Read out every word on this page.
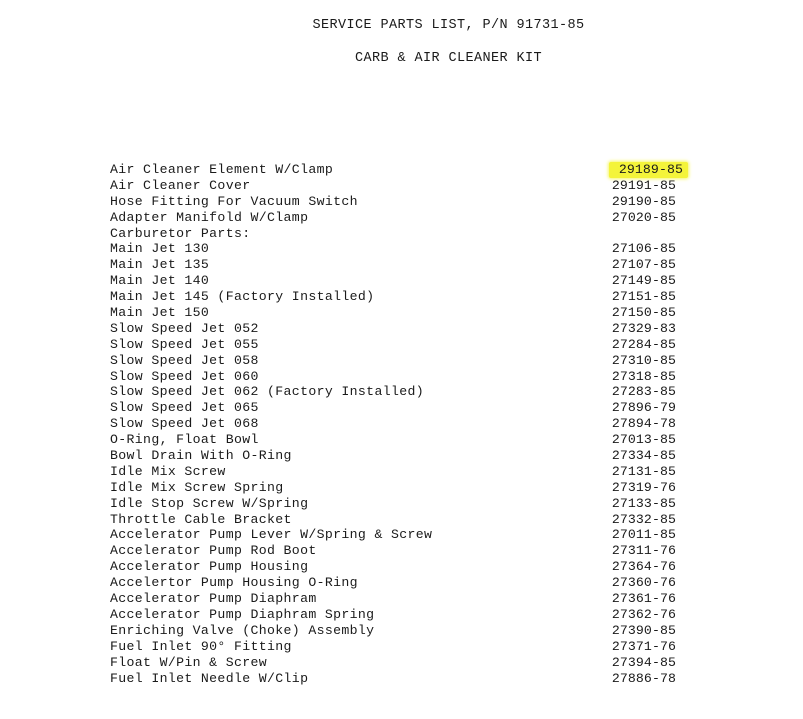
SERVICE PARTS LIST, P/N 91731-85
CARB & AIR CLEANER KIT
Air Cleaner Element W/Clamp	29189-85
Air Cleaner Cover	29191-85
Hose Fitting For Vacuum Switch	29190-85
Adapter Manifold W/Clamp	27020-85
Carburetor Parts:
Main Jet 130	27106-85
Main Jet 135	27107-85
Main Jet 140	27149-85
Main Jet 145 (Factory Installed)	27151-85
Main Jet 150	27150-85
Slow Speed Jet 052	27329-83
Slow Speed Jet 055	27284-85
Slow Speed Jet 058	27310-85
Slow Speed Jet 060	27318-85
Slow Speed Jet 062 (Factory Installed)	27283-85
Slow Speed Jet 065	27896-79
Slow Speed Jet 068	27894-78
O-Ring, Float Bowl	27013-85
Bowl Drain With O-Ring	27334-85
Idle Mix Screw	27131-85
Idle Mix Screw Spring	27319-76
Idle Stop Screw W/Spring	27133-85
Throttle Cable Bracket	27332-85
Accelerator Pump Lever W/Spring & Screw	27011-85
Accelerator Pump Rod Boot	27311-76
Accelerator Pump Housing	27364-76
Accelertor Pump Housing O-Ring	27360-76
Accelerator Pump Diaphram	27361-76
Accelerator Pump Diaphram Spring	27362-76
Enriching Valve (Choke) Assembly	27390-85
Fuel Inlet 90° Fitting	27371-76
Float W/Pin & Screw	27394-85
Fuel Inlet Needle W/Clip	27886-78
